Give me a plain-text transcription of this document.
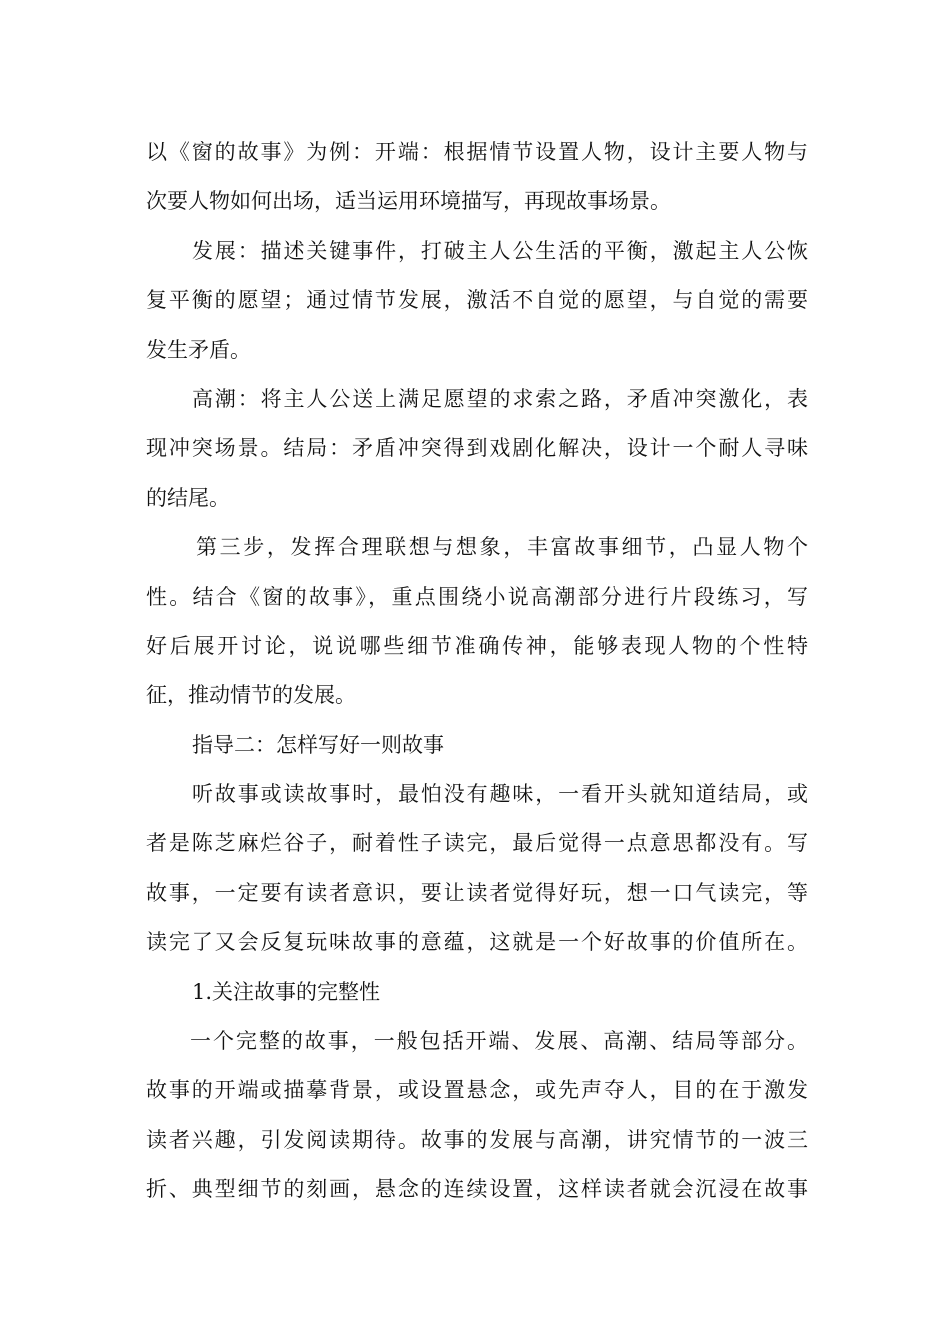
以《窗的故事》为例：开端：根据情节设置人物，设计主要人物与
次要人物如何出场，适当运用环境描写，再现故事场景。
发展：描述关键事件，打破主人公生活的平衡，激起主人公恢
复平衡的愿望；通过情节发展，激活不自觉的愿望，与自觉的需要
发生矛盾。
高潮：将主人公送上满足愿望的求索之路，矛盾冲突激化，表
现冲突场景。结局：矛盾冲突得到戏剧化解决，设计一个耐人寻味
的结尾。
第三步，发挥合理联想与想象，丰富故事细节，凸显人物个
性。结合《窗的故事》，重点围绕小说高潮部分进行片段练习，写
好后展开讨论，说说哪些细节准确传神，能够表现人物的个性特
征，推动情节的发展。
指导二：怎样写好一则故事
听故事或读故事时，最怕没有趣味，一看开头就知道结局，或
者是陈芝麻烂谷子，耐着性子读完，最后觉得一点意思都没有。写
故事，一定要有读者意识，要让读者觉得好玩，想一口气读完，等
读完了又会反复玩味故事的意蕴，这就是一个好故事的价值所在。
1.关注故事的完整性
一个完整的故事，一般包括开端、发展、高潮、结局等部分。
故事的开端或描摹背景，或设置悬念，或先声夺人，目的在于激发
读者兴趣，引发阅读期待。故事的发展与高潮，讲究情节的一波三
折、典型细节的刻画，悬念的连续设置，这样读者就会沉浸在故事
